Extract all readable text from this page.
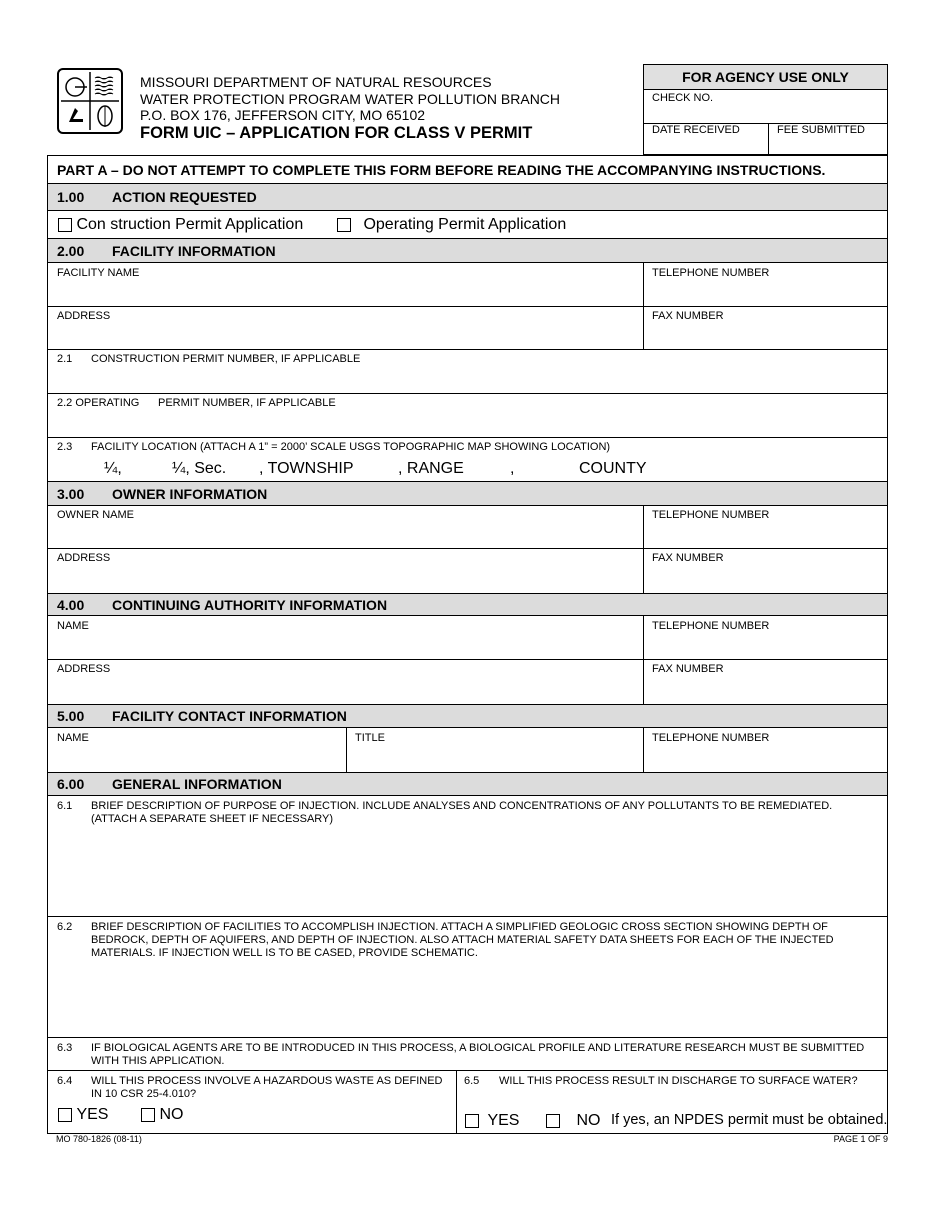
MISSOURI DEPARTMENT OF NATURAL RESOURCES
WATER PROTECTION PROGRAM WATER POLLUTION BRANCH
P.O. BOX 176, JEFFERSON CITY, MO 65102
FORM UIC – APPLICATION FOR CLASS V PERMIT
FOR AGENCY USE ONLY
CHECK NO.
DATE RECEIVED	FEE SUBMITTED
PART A – DO NOT ATTEMPT TO COMPLETE THIS FORM BEFORE READING THE ACCOMPANYING INSTRUCTIONS.
1.00 ACTION REQUESTED
Con struction Permit Application	Operating Permit Application
2.00 FACILITY INFORMATION
FACILITY NAME	TELEPHONE NUMBER
ADDRESS	FAX NUMBER
2.1 CONSTRUCTION PERMIT NUMBER, IF APPLICABLE
2.2 OPERATING PERMIT NUMBER, IF APPLICABLE
2.3 FACILITY LOCATION (ATTACH A 1” = 2000’ SCALE USGS TOPOGRAPHIC MAP SHOWING LOCATION)
¼,	¼, Sec. , TOWNSHIP	, RANGE	,	COUNTY
3.00 OWNER INFORMATION
OWNER NAME	TELEPHONE NUMBER
ADDRESS	FAX NUMBER
4.00 CONTINUING AUTHORITY INFORMATION
NAME	TELEPHONE NUMBER
ADDRESS	FAX NUMBER
5.00 FACILITY CONTACT INFORMATION
NAME	TITLE	TELEPHONE NUMBER
6.00 GENERAL INFORMATION
6.1 BRIEF DESCRIPTION OF PURPOSE OF INJECTION. INCLUDE ANALYSES AND CONCENTRATIONS OF ANY POLLUTANTS TO BE REMEDIATED. (ATTACH A SEPARATE SHEET IF NECESSARY)
6.2 BRIEF DESCRIPTION OF FACILITIES TO ACCOMPLISH INJECTION. ATTACH A SIMPLIFIED GEOLOGIC CROSS SECTION SHOWING DEPTH OF BEDROCK, DEPTH OF AQUIFERS, AND DEPTH OF INJECTION. ALSO ATTACH MATERIAL SAFETY DATA SHEETS FOR EACH OF THE INJECTED MATERIALS. IF INJECTION WELL IS TO BE CASED, PROVIDE SCHEMATIC.
6.3 IF BIOLOGICAL AGENTS ARE TO BE INTRODUCED IN THIS PROCESS, A BIOLOGICAL PROFILE AND LITERATURE RESEARCH MUST BE SUBMITTED WITH THIS APPLICATION.
6.4 WILL THIS PROCESS INVOLVE A HAZARDOUS WASTE AS DEFINED IN 10 CSR 25-4.010?
YES	NO
6.5 WILL THIS PROCESS RESULT IN DISCHARGE TO SURFACE WATER?
YES	NO If yes, an NPDES permit must be obtained.
MO 780-1826 (08-11)	PAGE 1 OF 9
